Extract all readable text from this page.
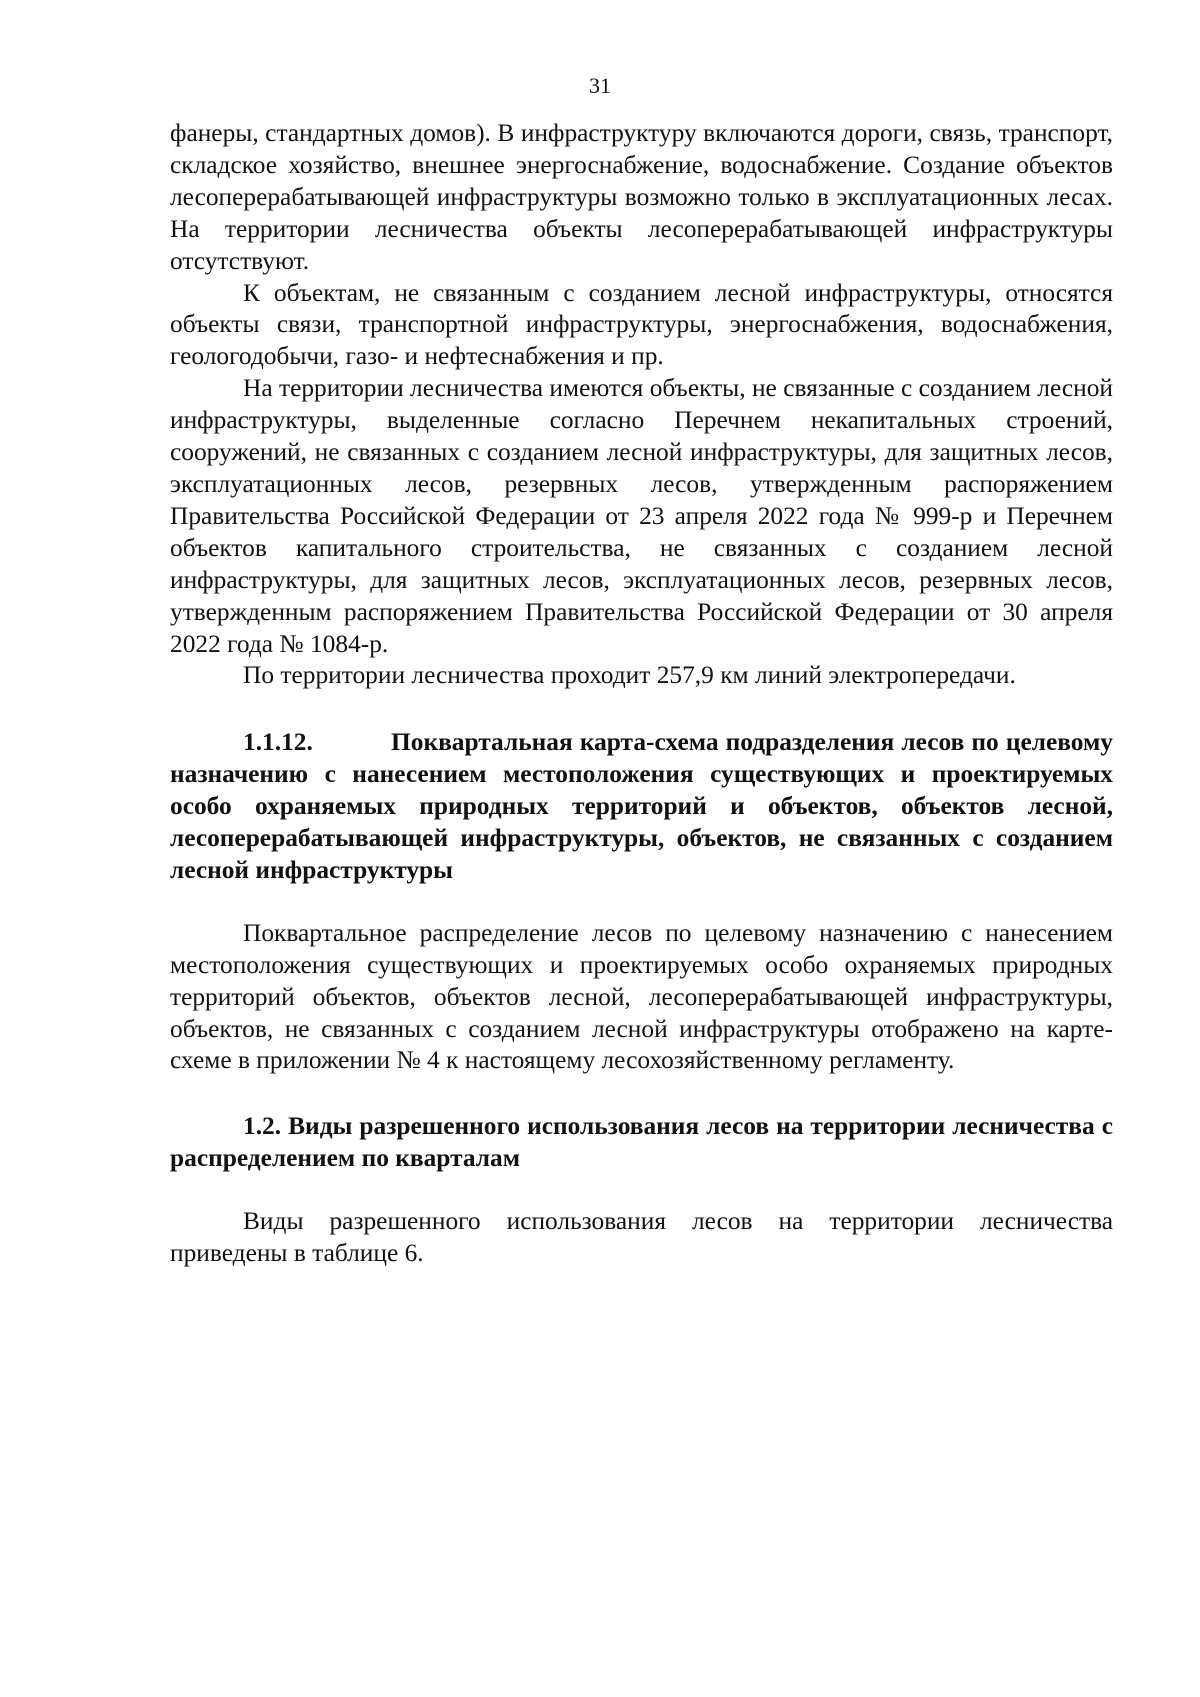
31

фанеры, стандартных домов). В инфраструктуру включаются дороги, связь, транспорт, складское хозяйство, внешнее энергоснабжение, водоснабжение. Создание объектов лесоперерабатывающей инфраструктуры возможно только в эксплуатационных лесах. На территории лесничества объекты лесоперерабатывающей инфраструктуры отсутствуют.

К объектам, не связанным с созданием лесной инфраструктуры, относятся объекты связи, транспортной инфраструктуры, энергоснабжения, водоснабжения, геологодобычи, газо- и нефтеснабжения и пр.

На территории лесничества имеются объекты, не связанные с созданием лесной инфраструктуры, выделенные согласно Перечнем некапитальных строений, сооружений, не связанных с созданием лесной инфраструктуры, для защитных лесов, эксплуатационных лесов, резервных лесов, утвержденным распоряжением Правительства Российской Федерации от 23 апреля 2022 года № 999-р и Перечнем объектов капитального строительства, не связанных с созданием лесной инфраструктуры, для защитных лесов, эксплуатационных лесов, резервных лесов, утвержденным распоряжением Правительства Российской Федерации от 30 апреля 2022 года № 1084-р.

По территории лесничества проходит 257,9 км линий электропередачи.

1.1.12.	Поквартальная карта-схема подразделения лесов по целевому назначению с нанесением местоположения существующих и проектируемых особо охраняемых природных территорий и объектов, объектов лесной, лесоперерабатывающей инфраструктуры, объектов, не связанных с созданием лесной инфраструктуры

Поквартальное распределение лесов по целевому назначению с нанесением местоположения существующих и проектируемых особо охраняемых природных территорий объектов, объектов лесной, лесоперерабатывающей инфраструктуры, объектов, не связанных с созданием лесной инфраструктуры отображено на карте-схеме в приложении № 4 к настоящему лесохозяйственному регламенту.

1.2. Виды разрешенного использования лесов на территории лесничества с распределением по кварталам

Виды разрешенного использования лесов на территории лесничества приведены в таблице 6.
